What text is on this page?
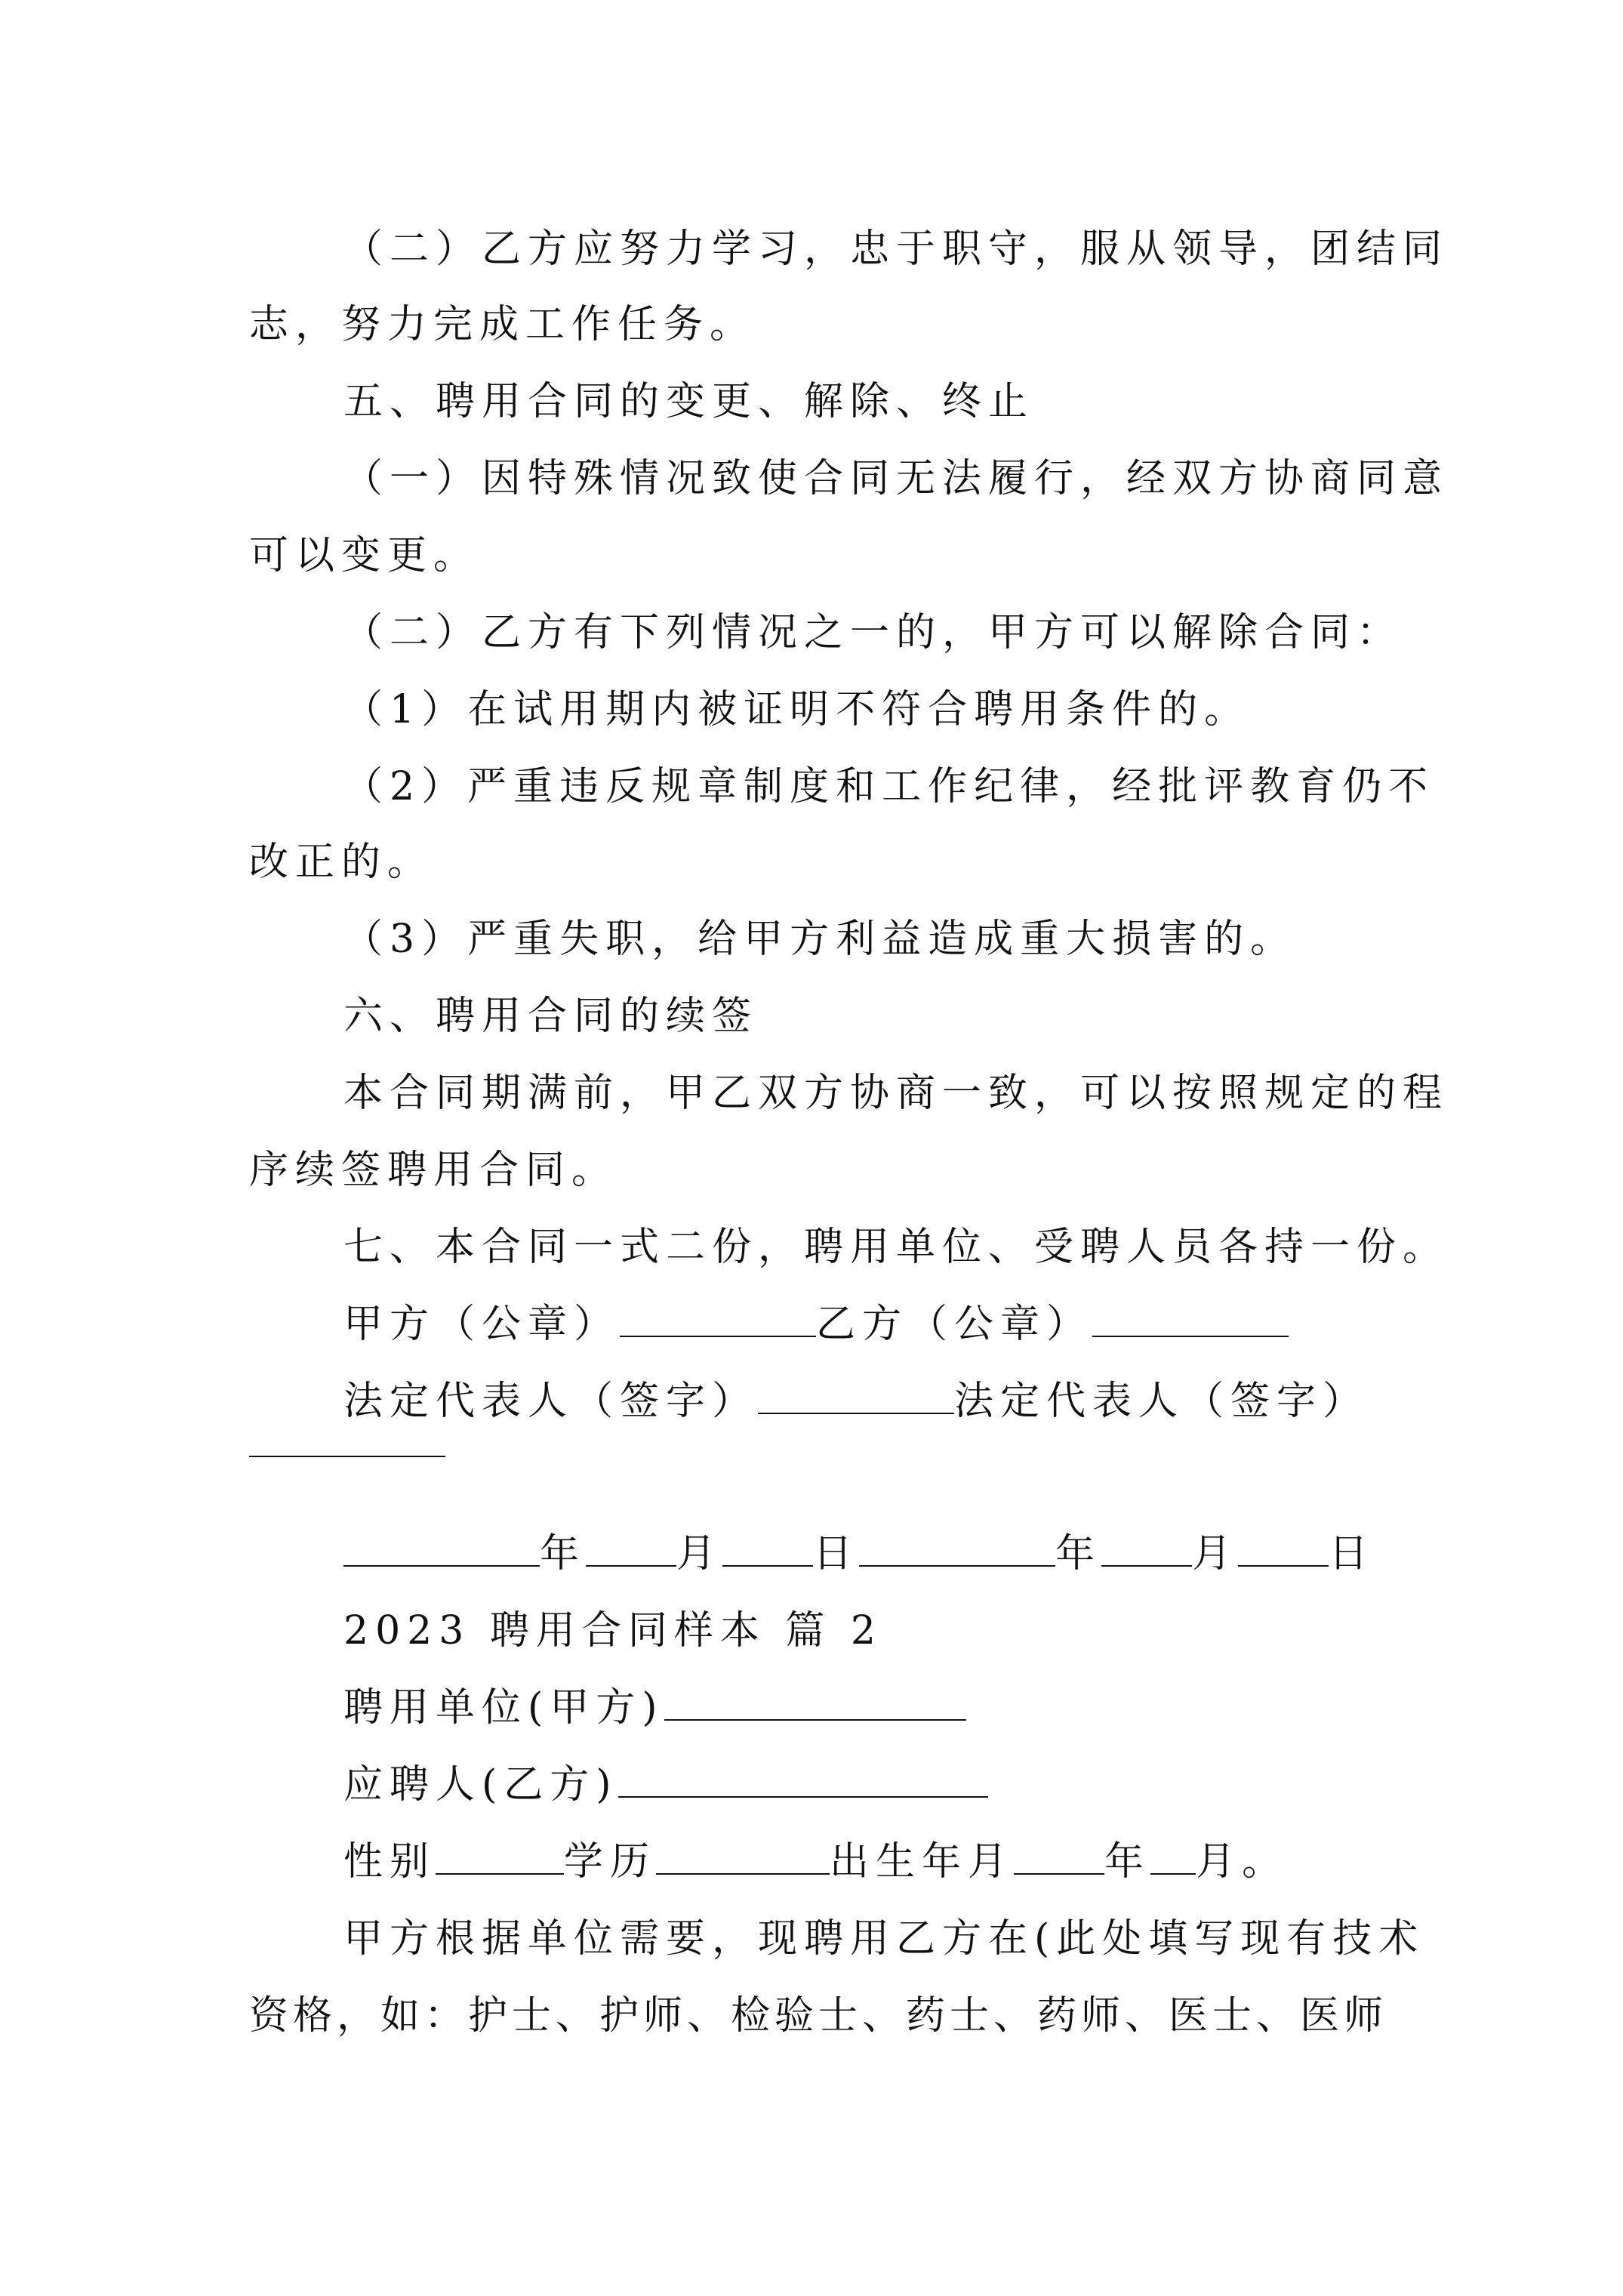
（二）乙方应努力学习，忠于职守，服从领导，团结同
志，努力完成工作任务。
五、聘用合同的变更、解除、终止
（一）因特殊情况致使合同无法履行，经双方协商同意
可以变更。
（二）乙方有下列情况之一的，甲方可以解除合同：
（1）在试用期内被证明不符合聘用条件的。
（2）严重违反规章制度和工作纪律，经批评教育仍不
改正的。
（3）严重失职，给甲方利益造成重大损害的。
六、聘用合同的续签
本合同期满前，甲乙双方协商一致，可以按照规定的程
序续签聘用合同。
七、本合同一式二份，聘用单位、受聘人员各持一份。
甲方（公章）	乙方（公章）
法定代表人（签字）	法定代表人（签字）
年 月 日	年 月 日
2023 聘用合同样本 篇 2
聘用单位(甲方)
应聘人(乙方)
性别	学历	出生年月 年 月。
甲方根据单位需要，现聘用乙方在(此处填写现有技术
资格，如：护士、护师、检验士、药士、药师、医士、医师
